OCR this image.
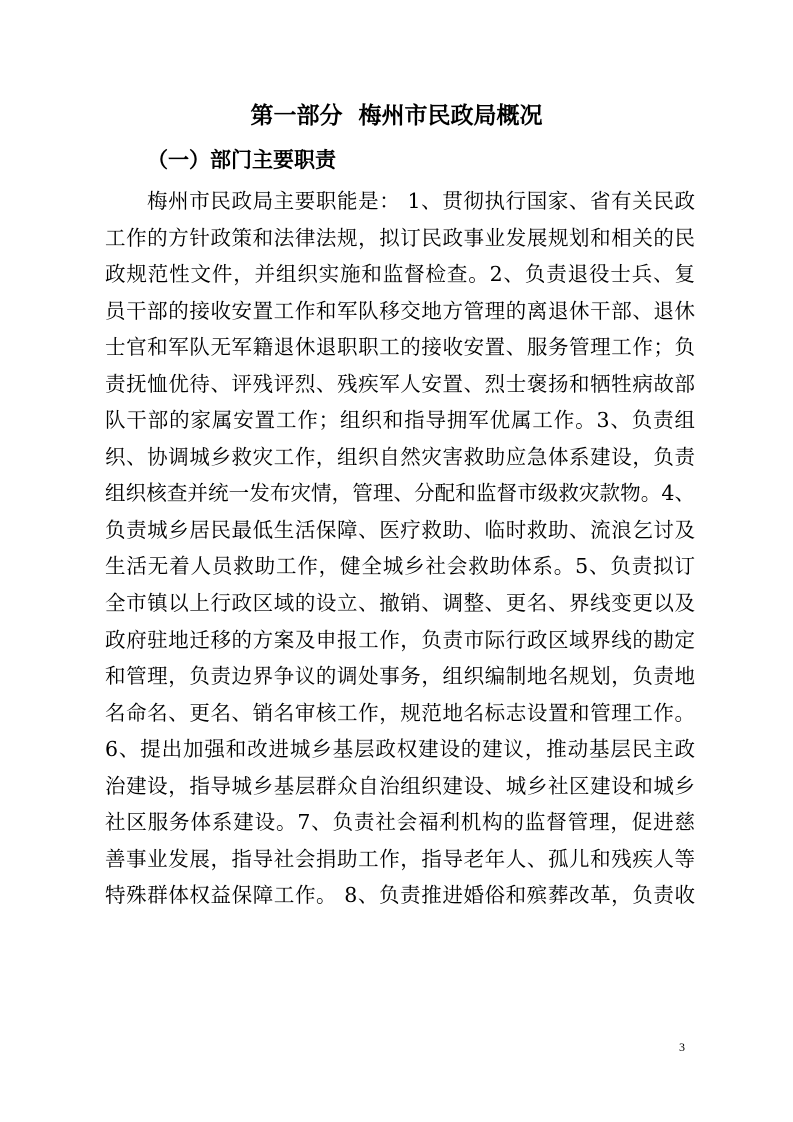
第一部分  梅州市民政局概况
（一）部门主要职责
梅州市民政局主要职能是： 1、贯彻执行国家、省有关民政
工作的方针政策和法律法规，拟订民政事业发展规划和相关的民
政规范性文件，并组织实施和监督检查。2、负责退役士兵、复
员干部的接收安置工作和军队移交地方管理的离退休干部、退休
士官和军队无军籍退休退职职工的接收安置、服务管理工作；负
责抚恤优待、评残评烈、残疾军人安置、烈士褒扬和牺牲病故部
队干部的家属安置工作；组织和指导拥军优属工作。3、负责组
织、协调城乡救灾工作，组织自然灾害救助应急体系建设，负责
组织核查并统一发布灾情，管理、分配和监督市级救灾款物。4、
负责城乡居民最低生活保障、医疗救助、临时救助、流浪乞讨及
生活无着人员救助工作，健全城乡社会救助体系。5、负责拟订
全市镇以上行政区域的设立、撤销、调整、更名、界线变更以及
政府驻地迁移的方案及申报工作，负责市际行政区域界线的勘定
和管理，负责边界争议的调处事务，组织编制地名规划，负责地
名命名、更名、销名审核工作，规范地名标志设置和管理工作。
6、提出加强和改进城乡基层政权建设的建议，推动基层民主政
治建设，指导城乡基层群众自治组织建设、城乡社区建设和城乡
社区服务体系建设。7、负责社会福利机构的监督管理，促进慈
善事业发展，指导社会捐助工作，指导老年人、孤儿和残疾人等
特殊群体权益保障工作。 8、负责推进婚俗和殡葬改革，负责收
3
